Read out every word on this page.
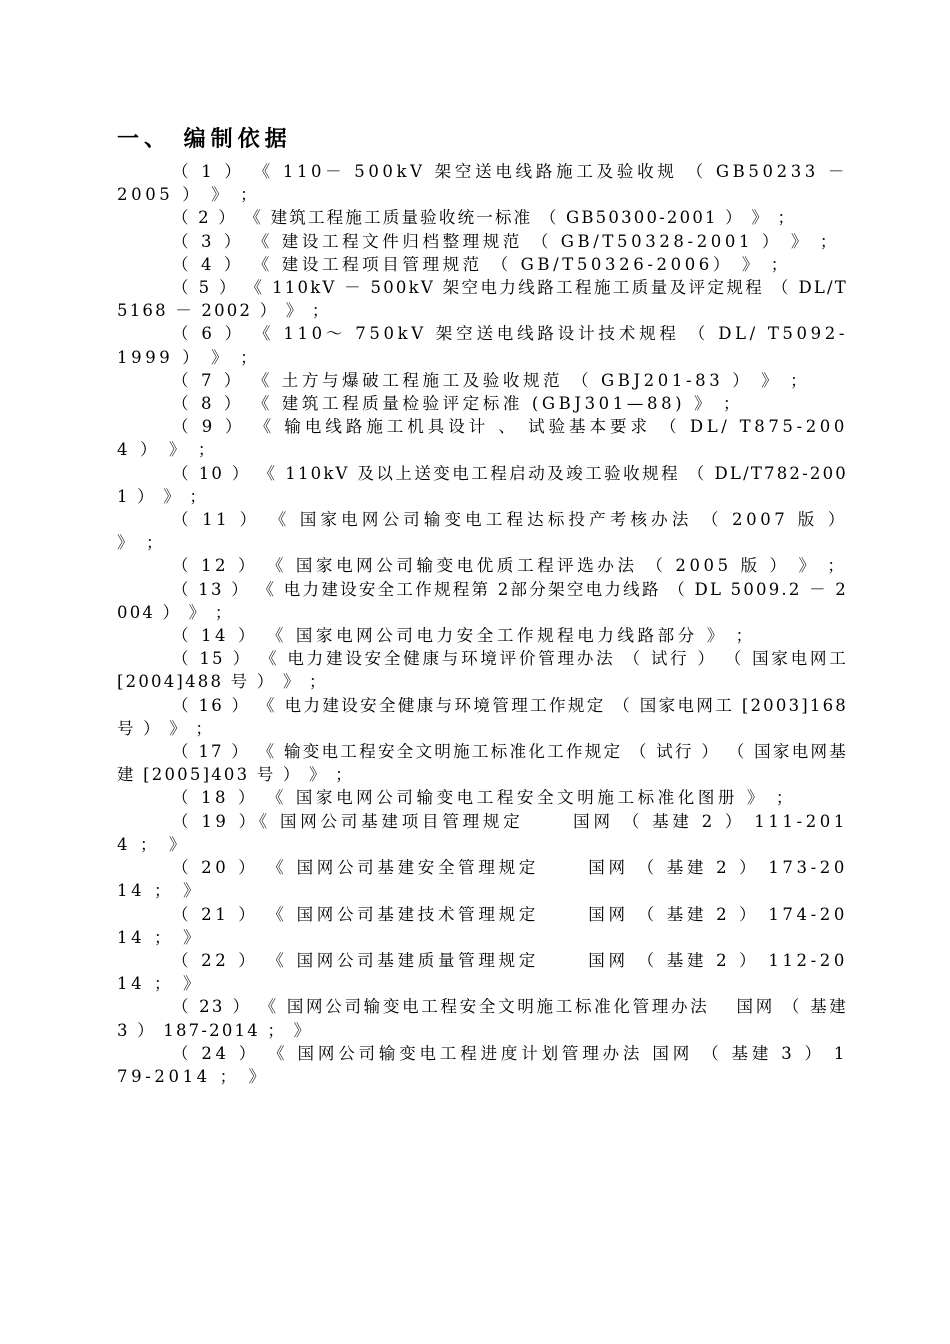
一、 编制依据

（ 1 ） 《 110－ 500kV 架空送电线路施工及验收规 （ GB50233 － 2005 ） 》 ；

（ 2 ） 《 建筑工程施工质量验收统一标准 （ GB50300-2001 ） 》 ；

（ 3 ） 《 建设工程文件归档整理规范 （ GB/T50328-2001 ） 》 ；

（ 4 ） 《 建设工程项目管理规范 （ GB/T50326-2006） 》 ；

（ 5 ） 《 110kV － 500kV 架空电力线路工程施工质量及评定规程 （ DL/T5168 － 2002 ） 》 ；

（ 6 ） 《 110～ 750kV 架空送电线路设计技术规程 （ DL/ T5092-1999 ） 》 ；

（ 7 ） 《 土方与爆破工程施工及验收规范 （ GBJ201-83 ） 》 ；

（ 8 ） 《 建筑工程质量检验评定标准 (GBJ301—88) 》 ；

（ 9 ） 《 输电线路施工机具设计 、 试验基本要求 （ DL/ T875-2004 ） 》 ；

（ 10 ） 《 110kV 及以上送变电工程启动及竣工验收规程 （ DL/T782-2001 ） 》 ；

（ 11 ） 《 国家电网公司输变电工程达标投产考核办法 （ 2007 版 ） 》 ；

（ 12 ） 《 国家电网公司输变电优质工程评选办法 （ 2005 版 ） 》 ；

（ 13 ） 《 电力建设安全工作规程第 2部分架空电力线路 （ DL 5009.2 － 2004 ） 》 ；

（ 14 ） 《 国家电网公司电力安全工作规程电力线路部分 》 ；

（ 15 ） 《 电力建设安全健康与环境评价管理办法 （ 试行 ） （ 国家电网工 [2004]488 号 ） 》 ；

（ 16 ） 《 电力建设安全健康与环境管理工作规定 （ 国家电网工 [2003]168 号 ） 》 ；

（ 17 ） 《 输变电工程安全文明施工标准化工作规定 （ 试行 ） （ 国家电网基建 [2005]403 号 ） 》 ；

（ 18 ） 《 国家电网公司输变电工程安全文明施工标准化图册 》 ；

（ 19 ）《 国网公司基建项目管理规定 　　国网 （ 基建 2 ） 111-2014 ； 》

（ 20 ） 《 国网公司基建安全管理规定 　　国网 （ 基建 2 ） 173-2014 ； 》

（ 21 ） 《 国网公司基建技术管理规定 　　国网 （ 基建 2 ） 174-2014 ； 》

（ 22 ） 《 国网公司基建质量管理规定 　　国网 （ 基建 2 ） 112-2014 ； 》

（ 23 ） 《 国网公司输变电工程安全文明施工标准化管理办法 　国网 （ 基建 3 ） 187-2014 ； 》

（ 24 ） 《 国网公司输变电工程进度计划管理办法 国网 （ 基建 3 ） 179-2014 ； 》
